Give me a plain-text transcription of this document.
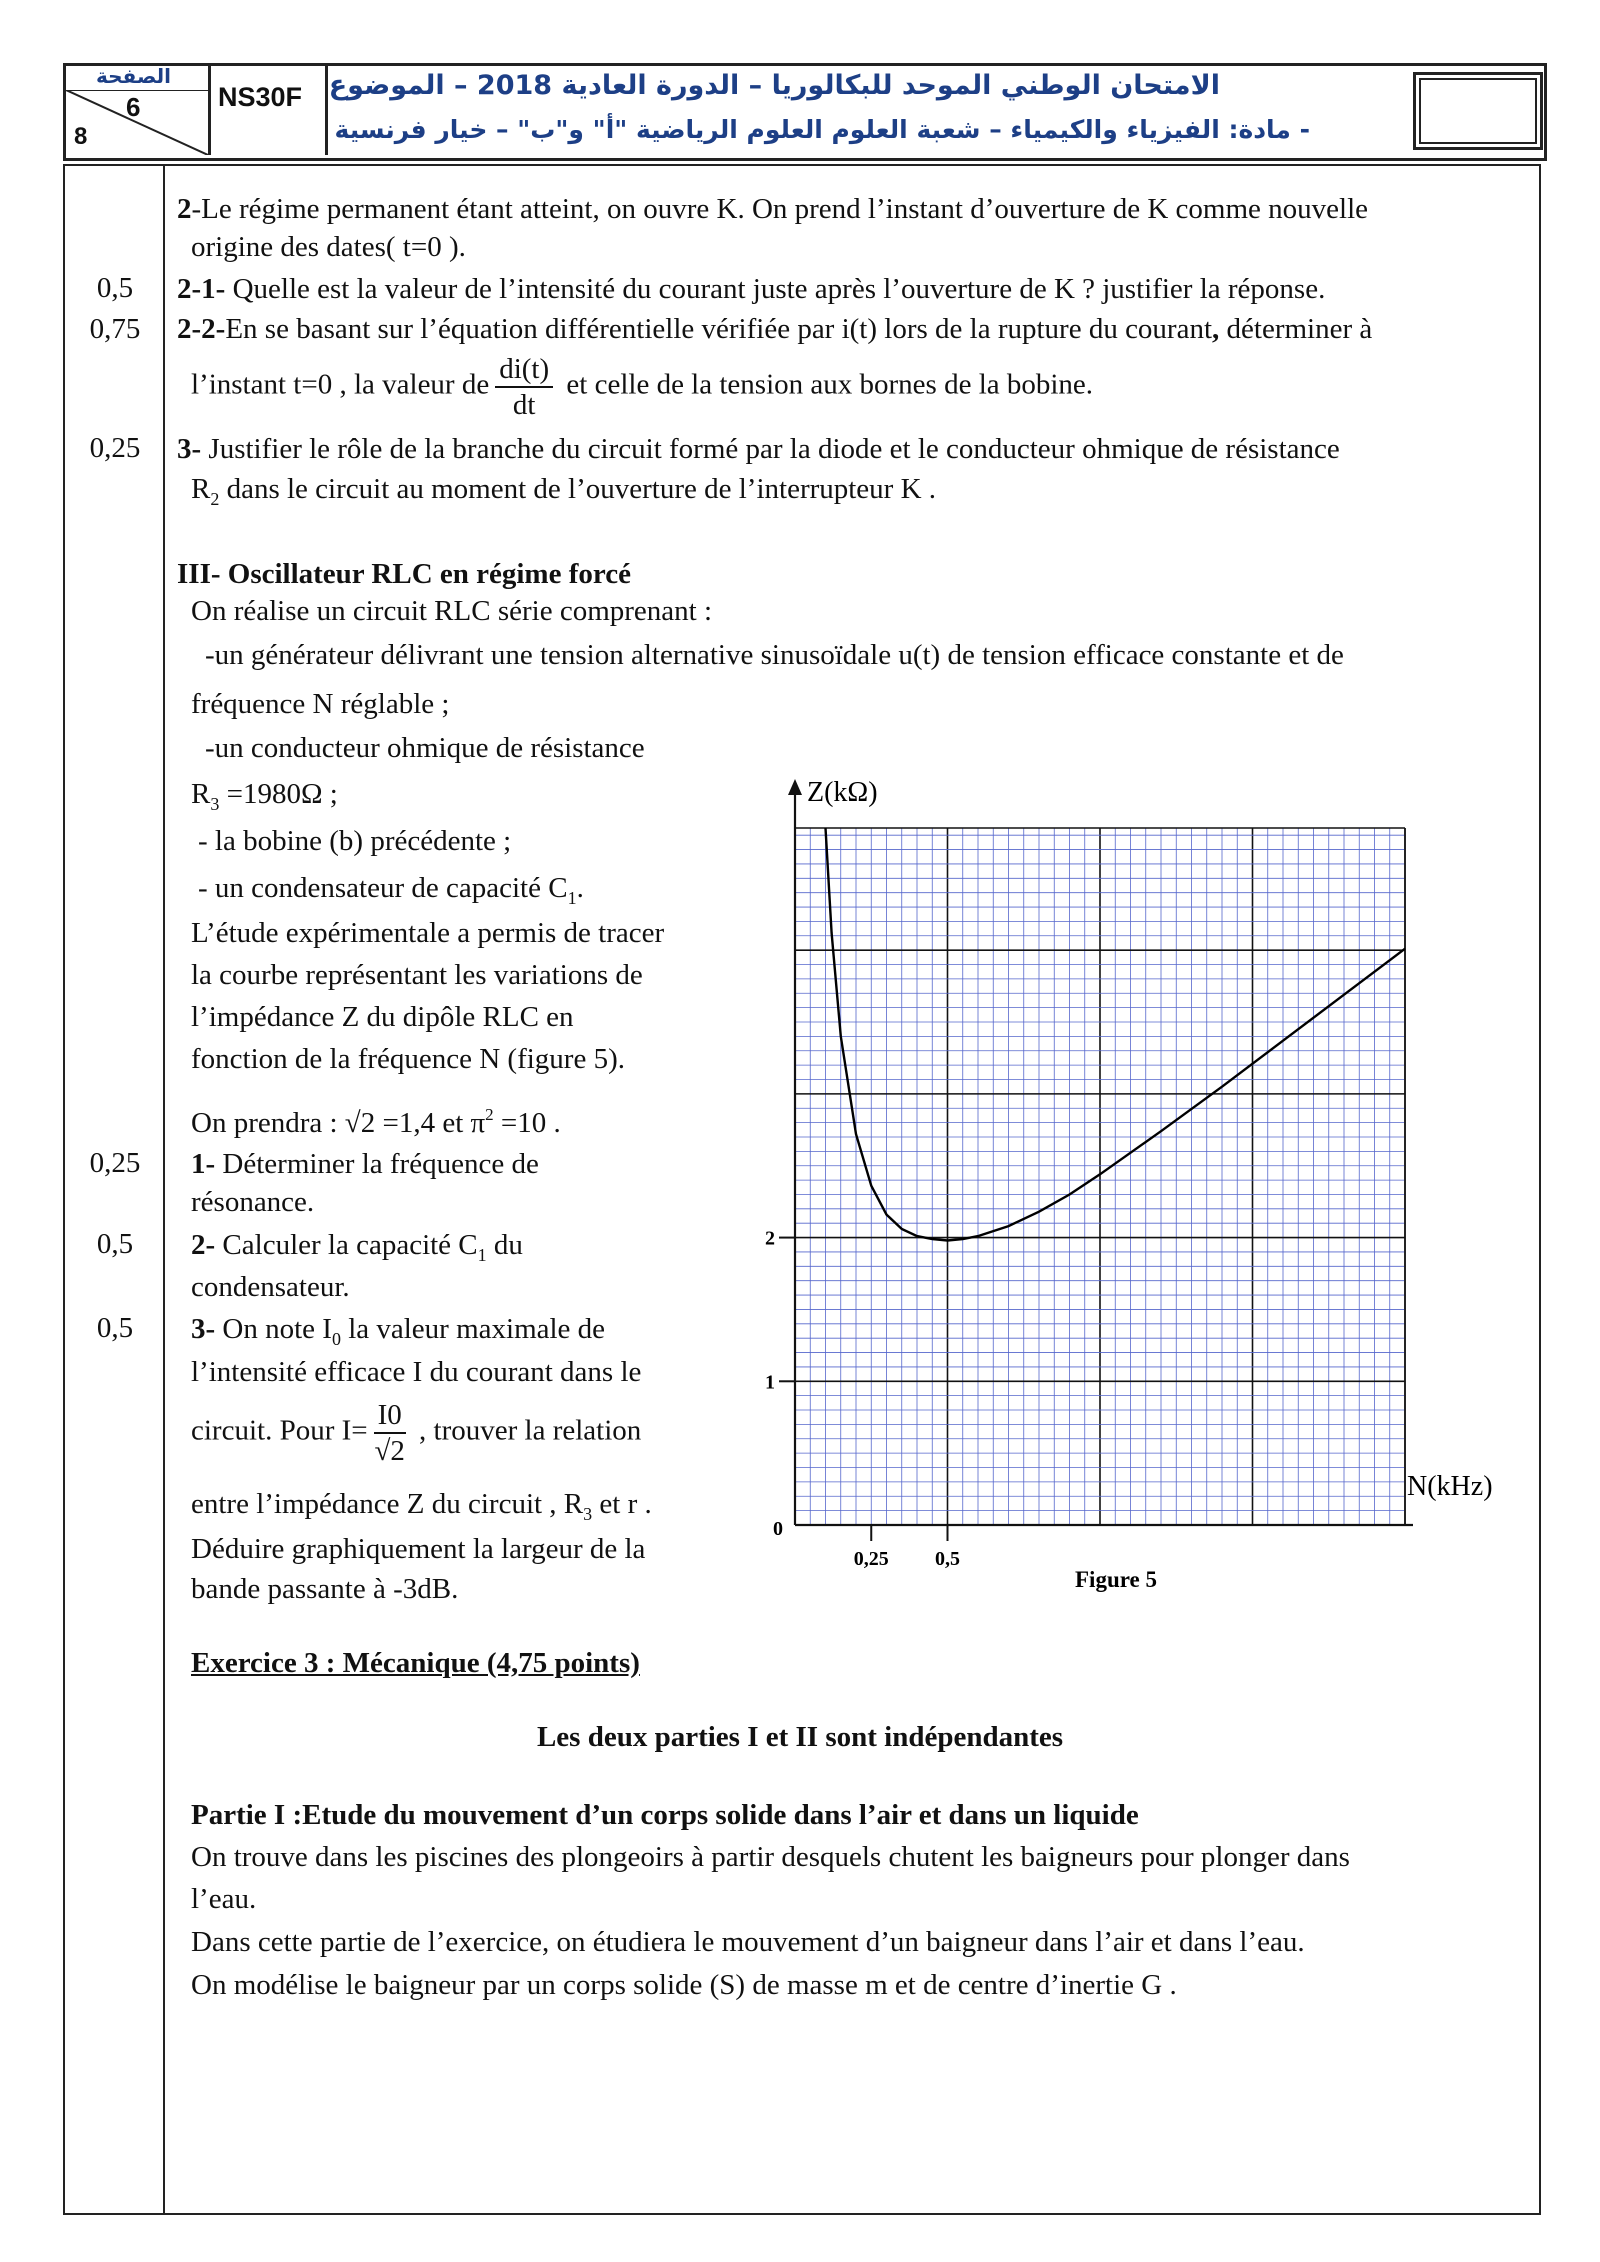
الصفحة
6
8
NS30F الامتحان الوطني الموحد للبكالوريا – الدورة العادية 2018 – الموضوع
- مادة: الفيزياء والكيمياء – شعبة العلوم العلوم الرياضية "أ" و"ب" – خيار فرنسية
0,5
0,75
0,25
0,25
0,5
0,5
2-Le régime permanent étant atteint, on ouvre K. On prend l’instant d’ouverture de K comme nouvelle
origine des dates( t=0 ).
2-1- Quelle est la valeur de l’intensité du courant juste après l’ouverture de K ? justifier la réponse.
2-2-En se basant sur l’équation différentielle vérifiée par i(t) lors de la rupture du courant, déterminer à
l’instant t=0 , la valeur de $\frac{di(t)}{dt}$ et celle de la tension aux bornes de la bobine.
3- Justifier le rôle de la branche du circuit formé par la diode et le conducteur ohmique de résistance
$R_2$ dans le circuit au moment de l’ouverture de l’interrupteur K .
III- Oscillateur RLC en régime forcé
On réalise un circuit RLC série comprenant :
-un générateur délivrant une tension alternative sinusoïdale u(t) de tension efficace constante et de
fréquence N réglable ;
-un conducteur ohmique de résistance
$R_3 =1980\Omega$ ;
- la bobine (b) précédente ;
- un condensateur de capacité $C_1$.
L’étude expérimentale a permis de tracer
la courbe représentant les variations de
l’impédance Z du dipôle RLC en
fonction de la fréquence N (figure 5).
On prendra : √2 =1,4 et $\pi^2 =10$ .
1- Déterminer la fréquence de
résonance.
2- Calculer la capacité $C_1$ du
condensateur.
3- On note $I_0$ la valeur maximale de
l’intensité efficace I du courant dans le
circuit. Pour $I= \frac{I0}{√2}$ , trouver la relation
entre l’impédance Z du circuit , $R_3$ et r .
Déduire graphiquement la largeur de la
bande passante à -3dB.
Z(kΩ)
N(kHz)
0
1
2
0,25 0,5
Figure 5
Exercice 3 : Mécanique (4,75 points)
Les deux parties I et II sont indépendantes
Partie I :Etude du mouvement d’un corps solide dans l’air et dans un liquide
On trouve dans les piscines des plongeoirs à partir desquels chutent les baigneurs pour plonger dans
l’eau.
Dans cette partie de l’exercice, on étudiera le mouvement d’un baigneur dans l’air et dans l’eau.
On modélise le baigneur par un corps solide (S) de masse m et de centre d’inertie G .
